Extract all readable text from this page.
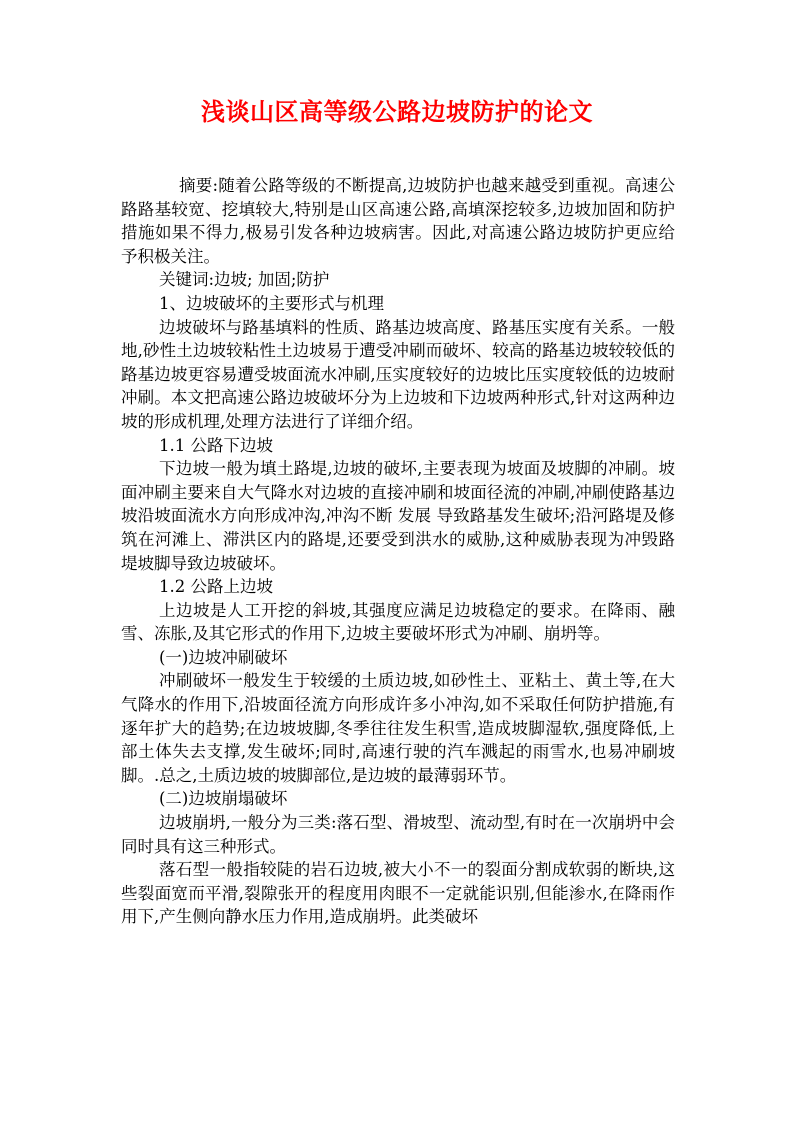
浅谈山区高等级公路边坡防护的论文

摘要:随着公路等级的不断提高,边坡防护也越来越受到重视。高速公路路基较宽、挖填较大,特别是山区高速公路,高填深挖较多,边坡加固和防护措施如果不得力,极易引发各种边坡病害。因此,对高速公路边坡防护更应给予积极关注。

关键词:边坡; 加固;防护

1、边坡破坏的主要形式与机理

边坡破坏与路基填料的性质、路基边坡高度、路基压实度有关系。一般地,砂性土边坡较粘性土边坡易于遭受冲刷而破坏、较高的路基边坡较较低的路基边坡更容易遭受坡面流水冲刷,压实度较好的边坡比压实度较低的边坡耐冲刷。本文把高速公路边坡破坏分为上边坡和下边坡两种形式,针对这两种边坡的形成机理,处理方法进行了详细介绍。

1.1 公路下边坡

下边坡一般为填土路堤,边坡的破坏,主要表现为坡面及坡脚的冲刷。坡面冲刷主要来自大气降水对边坡的直接冲刷和坡面径流的冲刷,冲刷使路基边坡沿坡面流水方向形成冲沟,冲沟不断 发展 导致路基发生破坏;沿河路堤及修筑在河滩上、滞洪区内的路堤,还要受到洪水的威胁,这种威胁表现为冲毁路堤坡脚导致边坡破坏。

1.2 公路上边坡

上边坡是人工开挖的斜坡,其强度应满足边坡稳定的要求。在降雨、融雪、冻胀,及其它形式的作用下,边坡主要破坏形式为冲刷、崩坍等。

(一)边坡冲刷破坏

冲刷破坏一般发生于较缓的土质边坡,如砂性土、亚粘土、黄土等,在大气降水的作用下,沿坡面径流方向形成许多小冲沟,如不采取任何防护措施,有逐年扩大的趋势;在边坡坡脚,冬季往往发生积雪,造成坡脚湿软,强度降低,上部土体失去支撑,发生破坏;同时,高速行驶的汽车溅起的雨雪水,也易冲刷坡脚。.总之,土质边坡的坡脚部位,是边坡的最薄弱环节。

(二)边坡崩塌破坏

边坡崩坍,一般分为三类:落石型、滑坡型、流动型,有时在一次崩坍中会同时具有这三种形式。

落石型一般指较陡的岩石边坡,被大小不一的裂面分割成软弱的断块,这些裂面宽而平滑,裂隙张开的程度用肉眼不一定就能识别,但能渗水,在降雨作用下,产生侧向静水压力作用,造成崩坍。此类破坏
